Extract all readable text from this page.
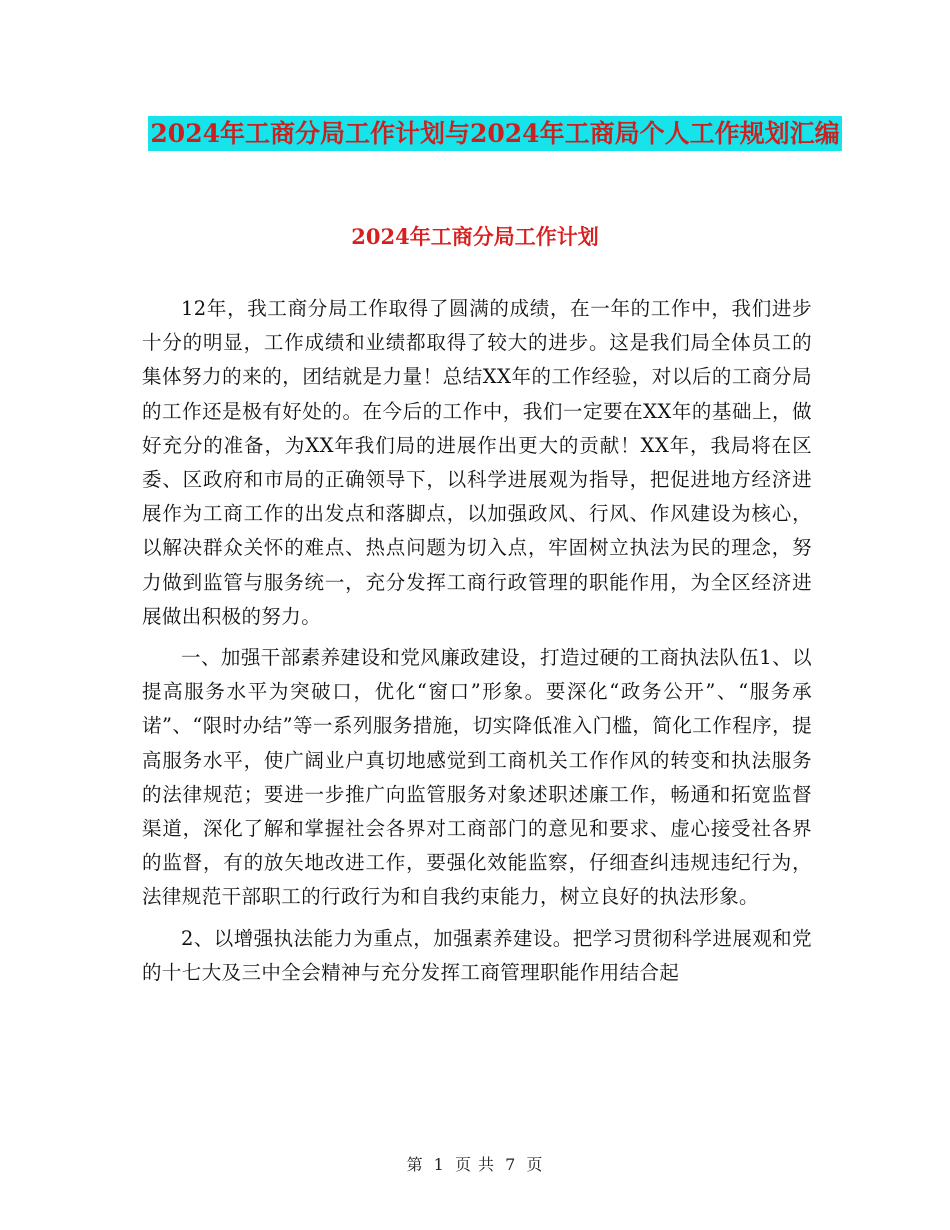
2024年工商分局工作计划与2024年工商局个人工作规划汇编
2024年工商分局工作计划

12年，我工商分局工作取得了圆满的成绩，在一年的工作中，我们进步十分的明显，工作成绩和业绩都取得了较大的进步。这是我们局全体员工的集体努力的来的，团结就是力量！总结XX年的工作经验，对以后的工商分局的工作还是极有好处的。在今后的工作中，我们一定要在XX年的基础上，做好充分的准备，为XX年我们局的进展作出更大的贡献！XX年，我局将在区委、区政府和市局的正确领导下，以科学进展观为指导，把促进地方经济进展作为工商工作的出发点和落脚点，以加强政风、行风、作风建设为核心，以解决群众关怀的难点、热点问题为切入点，牢固树立执法为民的理念，努力做到监管与服务统一，充分发挥工商行政管理的职能作用，为全区经济进展做出积极的努力。

一、加强干部素养建设和党风廉政建设，打造过硬的工商执法队伍1、以提高服务水平为突破口，优化“窗口”形象。要深化“政务公开”、“服务承诺”、“限时办结”等一系列服务措施，切实降低准入门槛，简化工作程序，提高服务水平，使广阔业户真切地感觉到工商机关工作作风的转变和执法服务的法律规范；要进一步推广向监管服务对象述职述廉工作，畅通和拓宽监督渠道，深化了解和掌握社会各界对工商部门的意见和要求、虚心接受社各界的监督，有的放矢地改进工作，要强化效能监察，仔细查纠违规违纪行为，法律规范干部职工的行政行为和自我约束能力，树立良好的执法形象。

2、以增强执法能力为重点，加强素养建设。把学习贯彻科学进展观和党的十七大及三中全会精神与充分发挥工商管理职能作用结合起

第 1 页 共 7 页
